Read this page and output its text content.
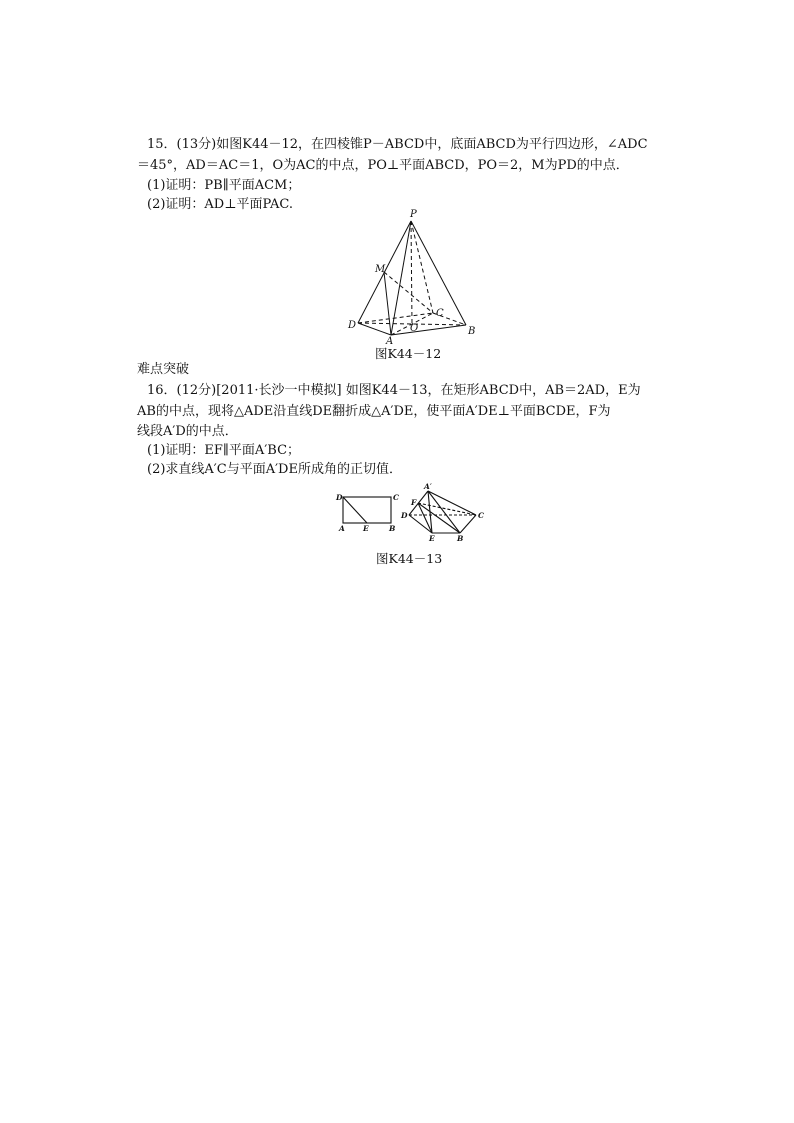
15．(13分)如图K44－12，在四棱锥P－ABCD中，底面ABCD为平行四边形，∠ADC
＝45°，AD＝AC＝1，O为AC的中点，PO⊥平面ABCD，PO＝2，M为PD的中点．
(1)证明：PB∥平面ACM；
(2)证明：AD⊥平面PAC.
P
M
C
D	O
A
B
图K44－12
难点突破
16．(12分)[2011·长沙一中模拟] 如图K44－13，在矩形ABCD中，AB＝2AD，E为
AB的中点，现将△ADE沿直线DE翻折成△A′DE，使平面A′DE⊥平面BCDE，F为
线段A′D的中点．
(1)证明：EF∥平面A′BC；
(2)求直线A′C与平面A′DE所成角的正切值．
D	C
A E	B
A′
F
D	C
E	B
图K44－13
